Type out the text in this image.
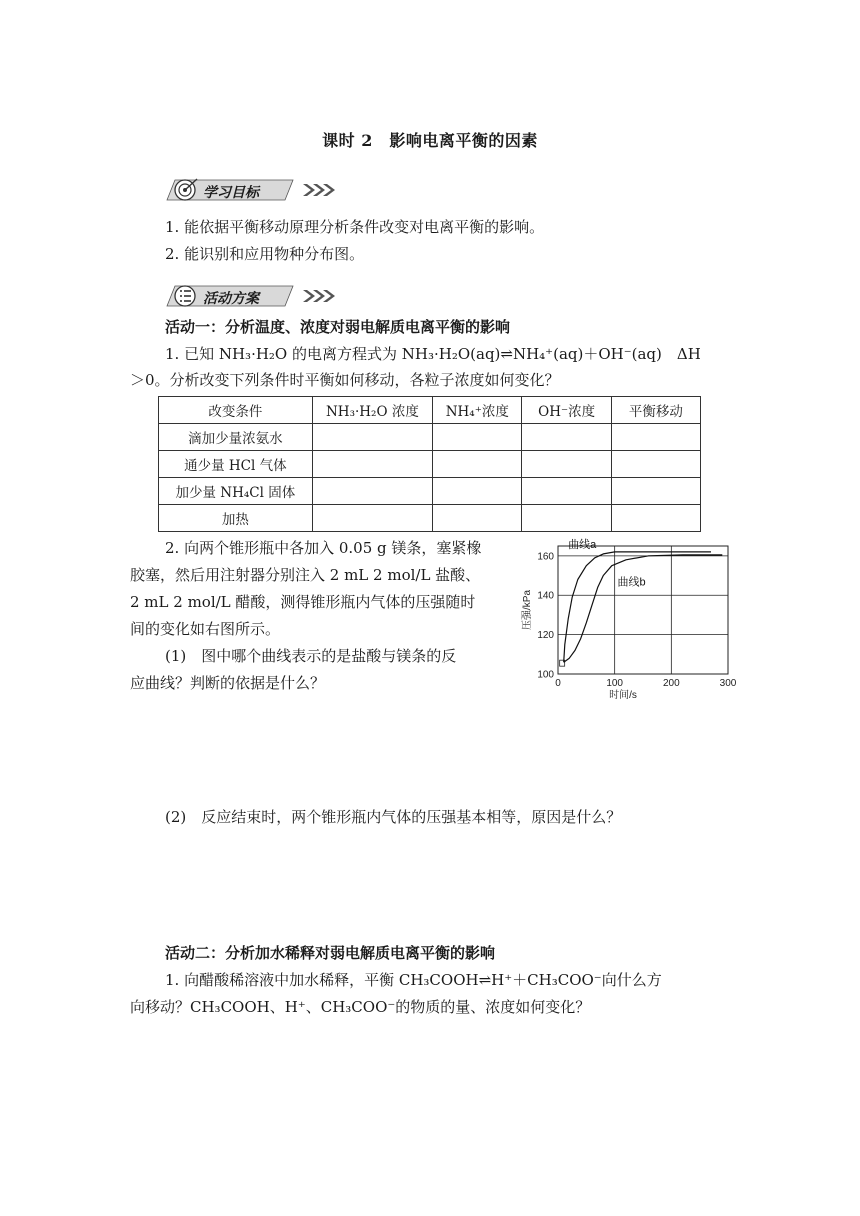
课时 2　影响电离平衡的因素
学习目标
1. 能依据平衡移动原理分析条件改变对电离平衡的影响。
2. 能识别和应用物种分布图。
活动方案
活动一：分析温度、浓度对弱电解质电离平衡的影响
1. 已知 NH₃·H₂O 的电离方程式为 NH₃·H₂O(aq)⇌NH₄⁺(aq)＋OH⁻(aq)　ΔH
＞0。分析改变下列条件时平衡如何移动，各粒子浓度如何变化？
改变条件	NH₃·H₂O 浓度	NH₄⁺浓度	OH⁻浓度	平衡移动
滴加少量浓氨水				
通少量 HCl 气体				
加少量 NH₄Cl 固体				
加热				
2. 向两个锥形瓶中各加入 0.05 g 镁条，塞紧橡
胶塞，然后用注射器分别注入 2 mL 2 mol/L 盐酸、
2 mL 2 mol/L 醋酸，测得锥形瓶内气体的压强随时
间的变化如右图所示。
(1)　图中哪个曲线表示的是盐酸与镁条的反
应曲线？判断的依据是什么？	100
120
140
160
0	100	200	300
时间/s
压强/kPa
曲线a
曲线b
(2)　反应结束时，两个锥形瓶内气体的压强基本相等，原因是什么？
活动二：分析加水稀释对弱电解质电离平衡的影响
1. 向醋酸稀溶液中加水稀释，平衡 CH₃COOH⇌H⁺＋CH₃COO⁻向什么方
向移动？CH₃COOH、H⁺、CH₃COO⁻的物质的量、浓度如何变化？
